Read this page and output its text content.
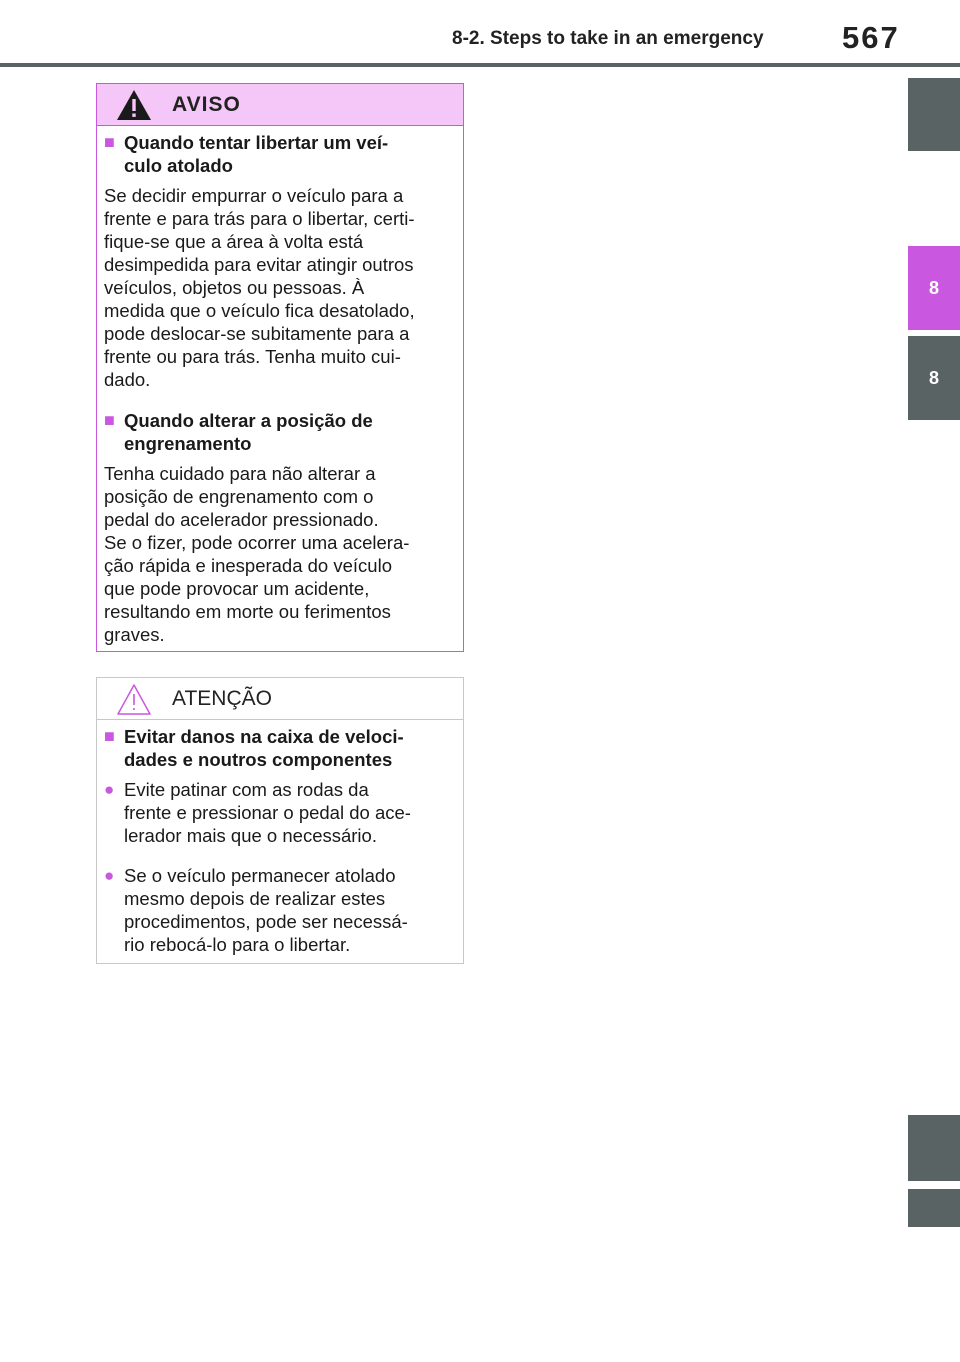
8-2. Steps to take in an emergency	567
8
8
AVISO
■ Quando tentar libertar um veí-
culo atolado
Se decidir empurrar o veículo para a
frente e para trás para o libertar, certi-
fique-se que a área à volta está
desimpedida para evitar atingir outros
veículos, objetos ou pessoas. À
medida que o veículo fica desatolado,
pode deslocar-se subitamente para a
frente ou para trás. Tenha muito cui-
dado.
■ Quando alterar a posição de
engrenamento
Tenha cuidado para não alterar a
posição de engrenamento com o
pedal do acelerador pressionado.
Se o fizer, pode ocorrer uma acelera-
ção rápida e inesperada do veículo
que pode provocar um acidente,
resultando em morte ou ferimentos
graves.
ATENÇÃO
■ Evitar danos na caixa de veloci-
dades e noutros componentes
● Evite patinar com as rodas da
frente e pressionar o pedal do ace-
lerador mais que o necessário.
● Se o veículo permanecer atolado
mesmo depois de realizar estes
procedimentos, pode ser necessá-
rio rebocá-lo para o libertar.
